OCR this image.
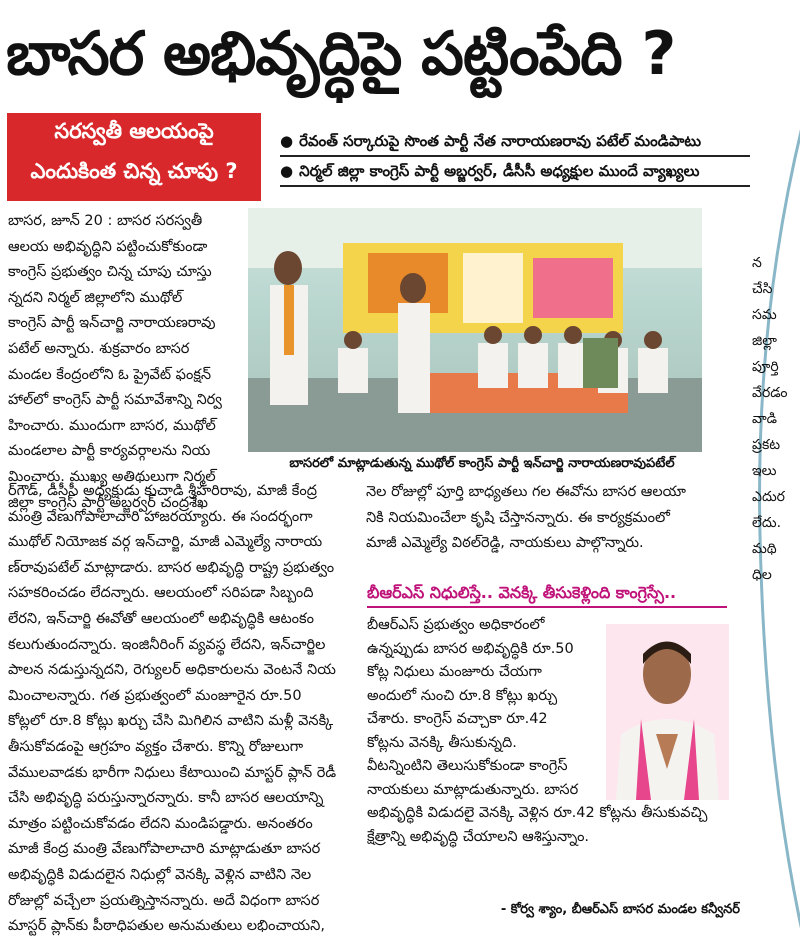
బాసర అభివృద్ధిపై పట్టింపేది ?
సరస్వతీ ఆలయంపై
ఎందుకింత చిన్న చూపు ?
● రేవంత్ సర్కారుపై సొంత పార్టీ నేత నారాయణరావు పటేల్ మండిపాటు
● నిర్మల్ జిల్లా కాంగ్రెస్ పార్టీ అబ్జర్వర్, డీసీసీ అధ్యక్షుల ముందే వ్యాఖ్యలు
బాసర, జూన్ 20 : బాసర సరస్వతీ
ఆలయ అభివృద్ధిని పట్టించుకోకుండా
కాంగ్రెస్ ప్రభుత్వం చిన్న చూపు చూస్తు
న్నదని నిర్మల్ జిల్లాలోని ముథోల్
కాంగ్రెస్ పార్టీ ఇన్‌చార్జి నారాయణరావు
పటేల్ అన్నారు. శుక్రవారం బాసర
మండల కేంద్రంలోని ఓ ప్రైవేట్ ఫంక్షన్
హాల్‌లో కాంగ్రెస్ పార్టీ సమావేశాన్ని నిర్వ
హించారు. ముందుగా బాసర, ముథోల్
మండలాల పార్టీ కార్యవర్గాలను నియ
మించారు. ముఖ్య అతిథులుగా నిర్మల్
జిల్లా కాంగ్రెస్ పార్టీ అబ్జర్వర్ చంద్రశేఖ
బాసరలో మాట్లాడుతున్న ముథోల్ కాంగ్రెస్ పార్టీ ఇన్‌చార్జి నారాయణరావుపటేల్
నెల రోజుల్లో పూర్తి బాధ్యతలు గల ఈవోను బాసర ఆలయా
నికి నియమించేలా కృషి చేస్తానన్నారు. ఈ కార్యక్రమంలో
మాజీ ఎమ్మెల్యే విఠల్‌రెడ్డి, నాయకులు పాల్గొన్నారు.
ర్‌గౌడ్, డీసీసీ అధ్యక్షుడు కుచాడి శ్రీహరిరావు, మాజీ కేంద్ర
మంత్రి వేణుగోపాలాచారి హాజరయ్యారు. ఈ సందర్భంగా
ముథోల్ నియోజక వర్గ ఇన్‌చార్జి, మాజీ ఎమ్మెల్యే నారాయ
ణ్‌రావుపటేల్ మాట్లాడారు. బాసర అభివృద్ధి రాష్ట్ర ప్రభుత్వం
సహకరించడం లేదన్నారు. ఆలయంలో సరిపడా సిబ్బంది
లేరని, ఇన్‌చార్జి ఈవోతో ఆలయంలో అభివృద్ధికి ఆటంకం
కలుగుతుందన్నారు. ఇంజినీరింగ్ వ్యవస్థ లేదని, ఇన్‌చార్జిల
పాలన నడుస్తున్నదని, రెగ్యులర్ అధికారులను వెంటనే నియ
మించాలన్నారు. గత ప్రభుత్వంలో మంజూరైన రూ.50
కోట్లలో రూ.8 కోట్లు ఖర్చు చేసి మిగిలిన వాటిని మళ్లీ వెనక్కి
తీసుకోవడంపై ఆగ్రహం వ్యక్తం చేశారు. కొన్ని రోజులుగా
వేములవాడకు భారీగా నిధులు కేటాయించి మాస్టర్ ప్లాన్ రెడీ
చేసి అభివృద్ధి పరుస్తున్నారన్నారు. కానీ బాసర ఆలయాన్ని
మాత్రం పట్టించుకోవడం లేదని మండిపడ్డారు. అనంతరం
మాజీ కేంద్ర మంత్రి వేణుగోపాలాచారి మాట్లాడుతూ బాసర
అభివృద్ధికి విడుదలైన నిధుల్లో వెనక్కి వెళ్లిన వాటిని నెల
రోజుల్లో వచ్చేలా ప్రయత్నిస్తానన్నారు. అదే విధంగా బాసర
మాస్టర్ ప్లాన్‌కు పీఠాధిపతుల అనుమతులు లభించాయని,
బీఆర్ఎస్ నిధులిస్తే.. వెనక్కి తీసుకెళ్లింది కాంగ్రెస్సే..
బీఆర్ఎస్ ప్రభుత్వం అధికారంలో
ఉన్నప్పుడు బాసర అభివృద్ధికి రూ.50
కోట్ల నిధులు మంజూరు చేయగా
అందులో నుంచి రూ.8 కోట్లు ఖర్చు
చేశారు. కాంగ్రెస్ వచ్చాకా రూ.42
కోట్లను వెనక్కి తీసుకున్నది.
వీటన్నింటిని తెలుసుకోకుండా కాంగ్రెస్
నాయకులు మాట్లాడుతున్నారు. బాసర
అభివృద్ధికి విడుదలై వెనక్కి వెళ్లిన రూ.42 కోట్లను తీసుకువచ్చి
క్షేత్రాన్ని అభివృద్ధి చేయాలని ఆశిస్తున్నాం.
- కోర్వ శ్యాం, బీఆర్ఎస్ బాసర మండల కన్వీనర్
న
చేసి
సమ
జిల్లా
పూర్తి
వేరడం
వాడి
ప్రకట
ఇలు
ఎదుర
లేదు.
మథి
ధిల
